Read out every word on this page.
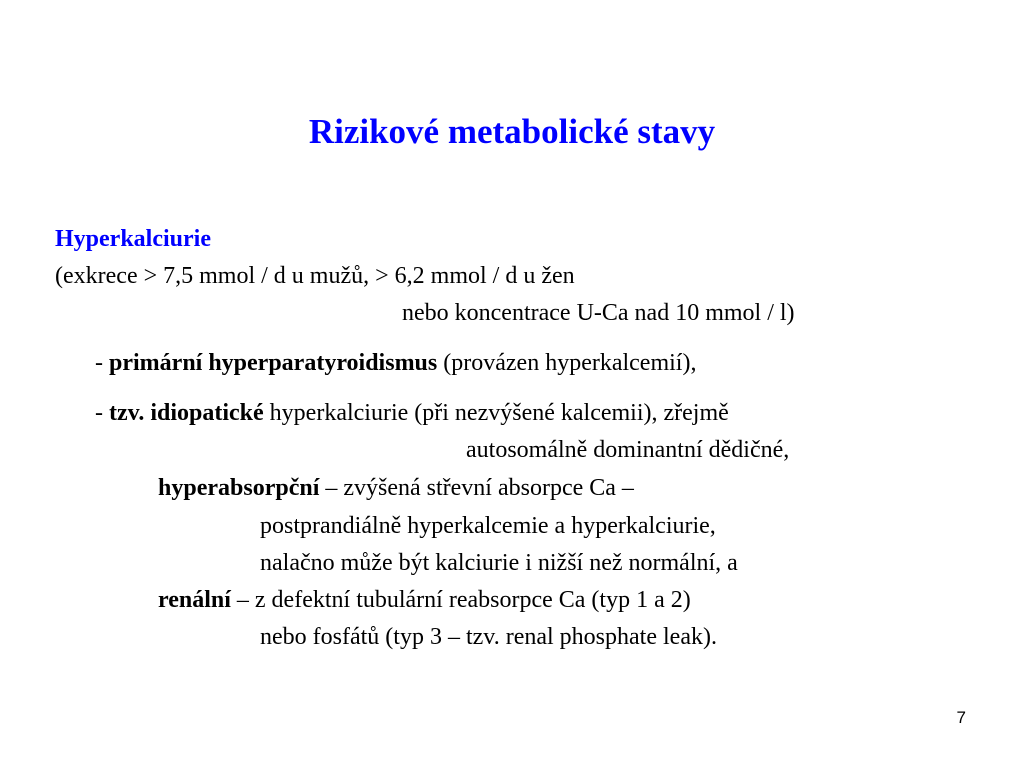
Rizikové metabolické stavy
Hyperkalciurie
(exkrece > 7,5 mmol / d u mužů, > 6,2 mmol / d u žen
nebo koncentrace U-Ca nad 10 mmol / l)
- primární hyperparatyroidismus (provázen hyperkalcemií),
- tzv. idiopatické hyperkalciurie (při nezvýšené kalcemii), zřejmě
autosomálně dominantní dědičné,
hyperabsorpční – zvýšená střevní absorpce Ca –
postprandiálně hyperkalcemie a hyperkalciurie,
nalačno může být kalciurie i nižší než normální, a
renální – z defektní tubulární reabsorpce Ca (typ 1 a 2)
nebo fosfátů (typ 3 – tzv. renal phosphate leak).
7
